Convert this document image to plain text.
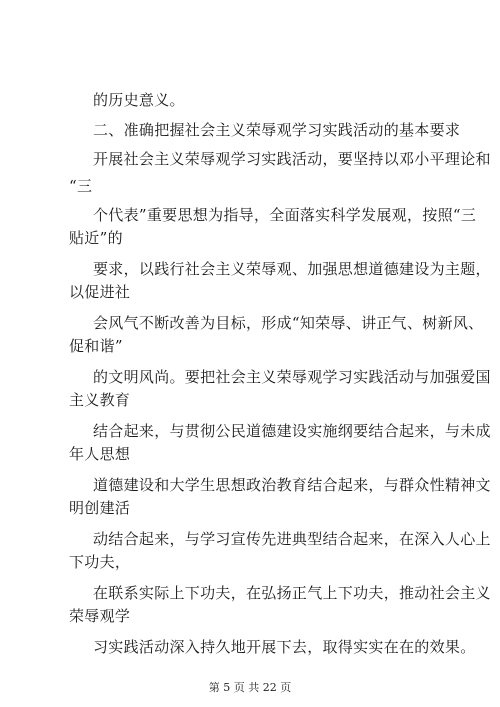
的历史意义。
二、准确把握社会主义荣辱观学习实践活动的基本要求
开展社会主义荣辱观学习实践活动，要坚持以邓小平理论和
“三
个代表”重要思想为指导，全面落实科学发展观，按照“三
贴近”的
要求，以践行社会主义荣辱观、加强思想道德建设为主题，
以促进社
会风气不断改善为目标，形成“知荣辱、讲正气、树新风、
促和谐”
的文明风尚。要把社会主义荣辱观学习实践活动与加强爱国
主义教育
结合起来，与贯彻公民道德建设实施纲要结合起来，与未成
年人思想
道德建设和大学生思想政治教育结合起来，与群众性精神文
明创建活
动结合起来，与学习宣传先进典型结合起来，在深入人心上
下功夫，
在联系实际上下功夫，在弘扬正气上下功夫，推动社会主义
荣辱观学
习实践活动深入持久地开展下去，取得实实在在的效果。
第 5 页 共 22 页
